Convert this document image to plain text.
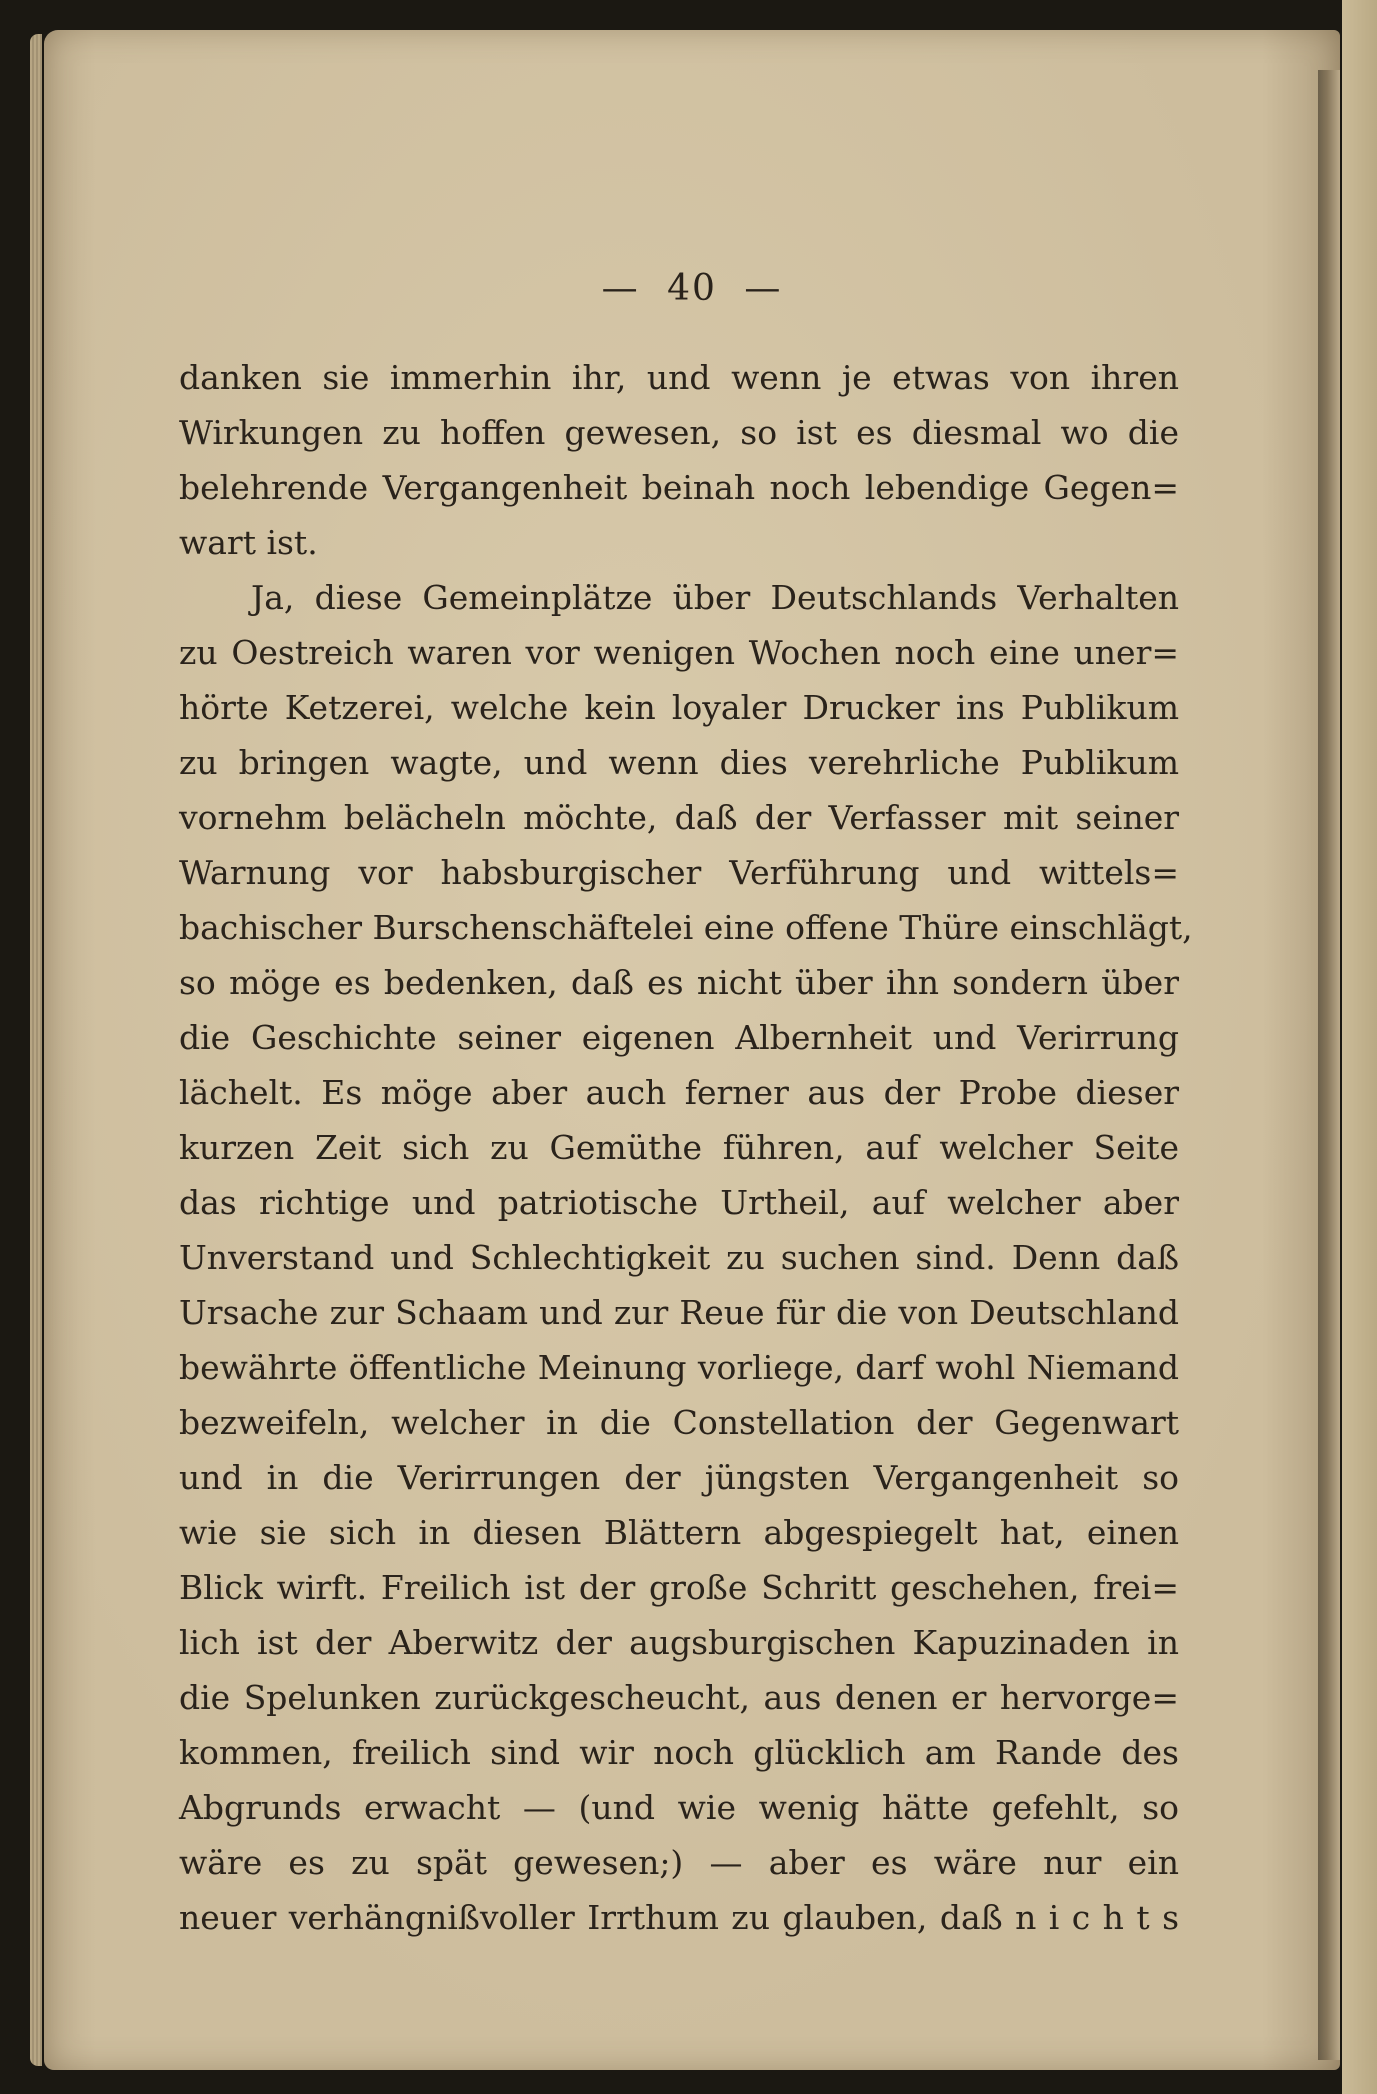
— 40 —
danken sie immerhin ihr, und wenn je etwas von ihren
Wirkungen zu hoffen gewesen, so ist es diesmal wo die
belehrende Vergangenheit beinah noch lebendige Gegen=
wart ist.
Ja, diese Gemeinplätze über Deutschlands Verhalten
zu Oestreich waren vor wenigen Wochen noch eine uner=
hörte Ketzerei, welche kein loyaler Drucker ins Publikum
zu bringen wagte, und wenn dies verehrliche Publikum
vornehm belächeln möchte, daß der Verfasser mit seiner
Warnung vor habsburgischer Verführung und wittels=
bachischer Burschenschäftelei eine offene Thüre einschlägt,
so möge es bedenken, daß es nicht über ihn sondern über
die Geschichte seiner eigenen Albernheit und Verirrung
lächelt. Es möge aber auch ferner aus der Probe dieser
kurzen Zeit sich zu Gemüthe führen, auf welcher Seite
das richtige und patriotische Urtheil, auf welcher aber
Unverstand und Schlechtigkeit zu suchen sind. Denn daß
Ursache zur Schaam und zur Reue für die von Deutschland
bewährte öffentliche Meinung vorliege, darf wohl Niemand
bezweifeln, welcher in die Constellation der Gegenwart
und in die Verirrungen der jüngsten Vergangenheit so
wie sie sich in diesen Blättern abgespiegelt hat, einen
Blick wirft. Freilich ist der große Schritt geschehen, frei=
lich ist der Aberwitz der augsburgischen Kapuzinaden in
die Spelunken zurückgescheucht, aus denen er hervorge=
kommen, freilich sind wir noch glücklich am Rande des
Abgrunds erwacht — (und wie wenig hätte gefehlt, so
wäre es zu spät gewesen;) — aber es wäre nur ein
neuer verhängnißvoller Irrthum zu glauben, daß n i c h t s
